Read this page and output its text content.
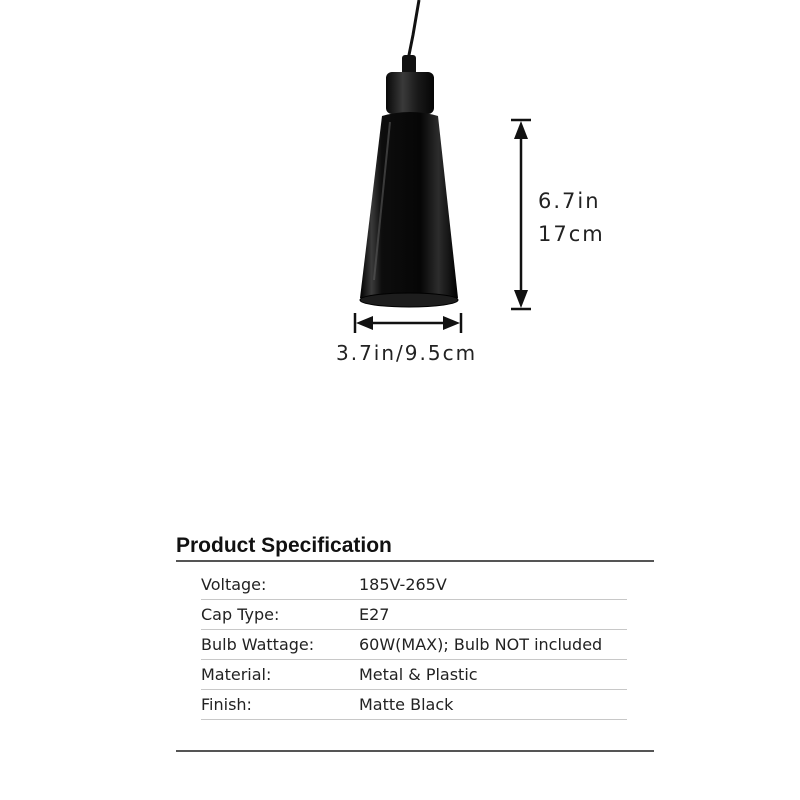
6.7in
17cm
3.7in/9.5cm
Product Specification
Voltage:	185V-265V
Cap Type:	E27
Bulb Wattage:	60W(MAX); Bulb NOT included
Material:	Metal & Plastic
Finish:	Matte Black
